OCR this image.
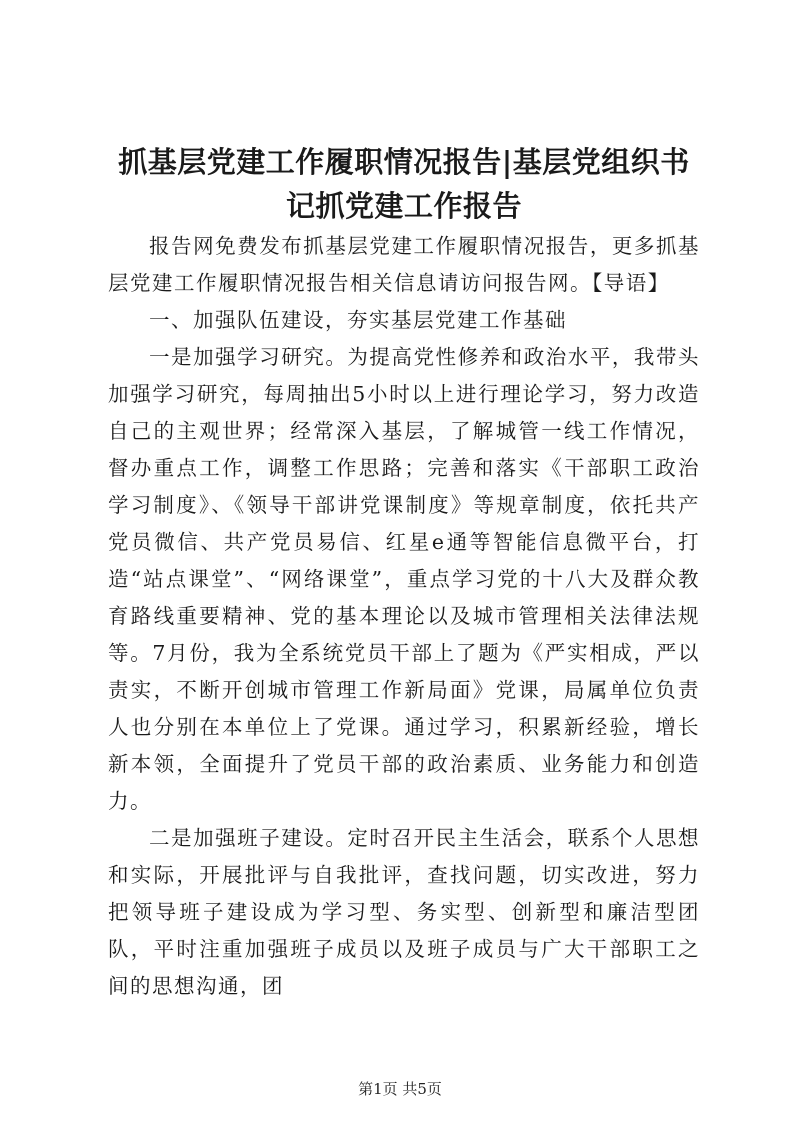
抓基层党建工作履职情况报告|基层党组织书
记抓党建工作报告

报告网免费发布抓基层党建工作履职情况报告，更多抓基层党建工作履职情况报告相关信息请访问报告网。【导语】

一、加强队伍建设，夯实基层党建工作基础

一是加强学习研究。为提高党性修养和政治水平，我带头加强学习研究，每周抽出5小时以上进行理论学习，努力改造自己的主观世界；经常深入基层，了解城管一线工作情况，督办重点工作，调整工作思路；完善和落实《干部职工政治学习制度》、《领导干部讲党课制度》等规章制度，依托共产党员微信、共产党员易信、红星e通等智能信息微平台，打造“站点课堂”、“网络课堂”，重点学习党的十八大及群众教育路线重要精神、党的基本理论以及城市管理相关法律法规等。7月份，我为全系统党员干部上了题为《严实相成，严以责实，不断开创城市管理工作新局面》党课，局属单位负责人也分别在本单位上了党课。通过学习，积累新经验，增长新本领，全面提升了党员干部的政治素质、业务能力和创造力。

二是加强班子建设。定时召开民主生活会，联系个人思想和实际，开展批评与自我批评，查找问题，切实改进，努力把领导班子建设成为学习型、务实型、创新型和廉洁型团队，平时注重加强班子成员以及班子成员与广大干部职工之间的思想沟通，团

第1页 共5页
